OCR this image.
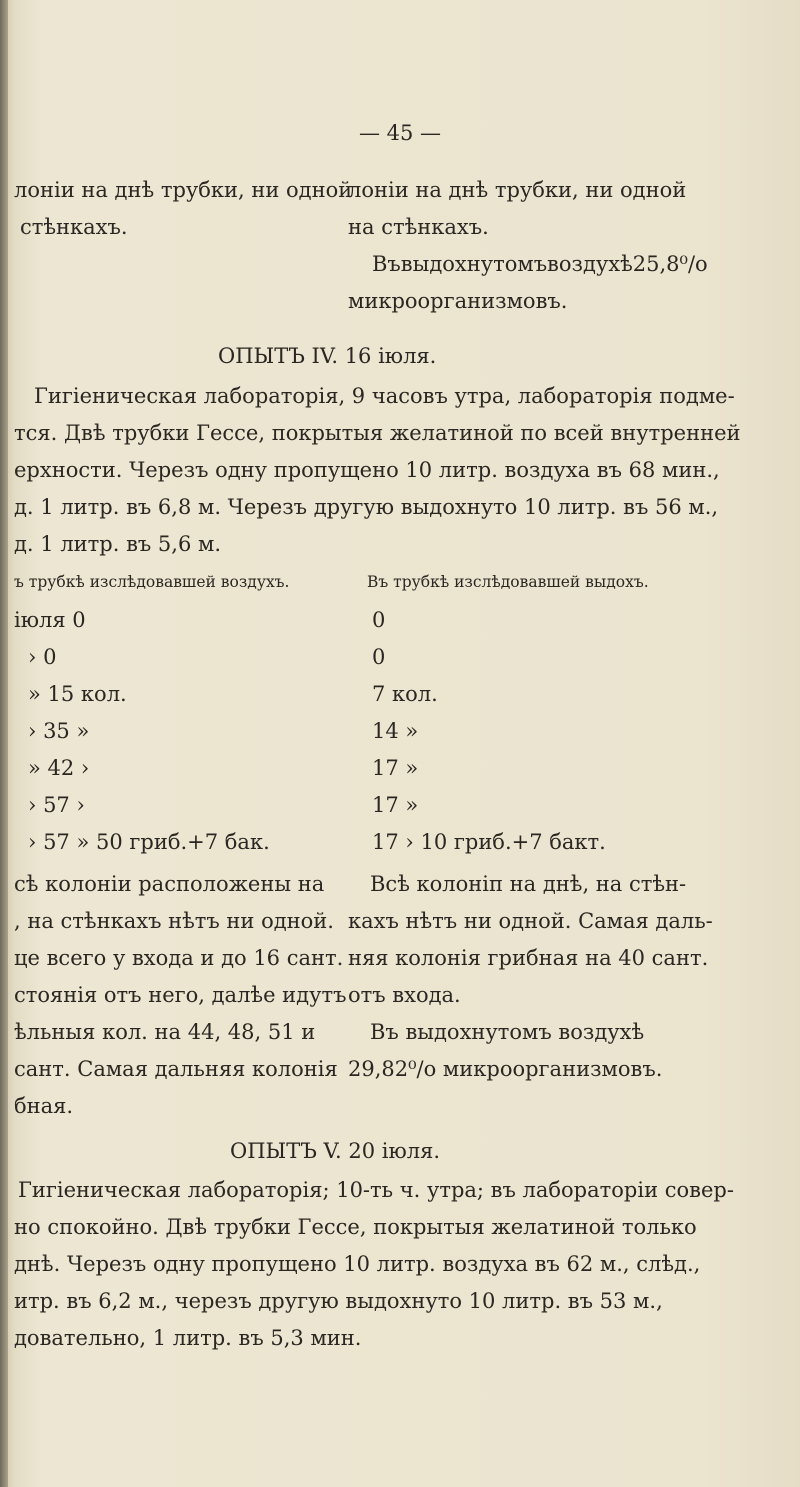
— 45 —
лоніи на днѣ трубки, ни одной
стѣнкахъ.
лоніи на днѣ трубки, ни одной
на стѣнкахъ.
Въвыдохнутомъвоздухѣ25,8⁰/о
микроорганизмовъ.
ОПЫТЪ IV. 16 іюля.
Гигіеническая лабораторія, 9 часовъ утра, лабораторія подме-
тся. Двѣ трубки Гессе, покрытыя желатиной по всей внутренней
ерхности. Черезъ одну пропущено 10 литр. воздуха въ 68 мин.,
д. 1 литр. въ 6,8 м. Черезъ другую выдохнуто 10 литр. въ 56 м.,
д. 1 литр. въ 5,6 м.
ъ трубкѣ изслѣдовавшей воздухъ.	Въ трубкѣ изслѣдовавшей выдохъ.
іюля 0
› 0
» 15 кол.
› 35 »
» 42 ›
› 57 ›
› 57 » 50 гриб.+7 бак.
0
0
7 кол.
14 »
17 »
17 »
17 › 10 гриб.+7 бакт.
сѣ колоніи расположены на
, на стѣнкахъ нѣтъ ни одной.
це всего у входа и до 16 сант.
стоянія отъ него, далѣе идутъ
ѣльныя кол. на 44, 48, 51 и
сант. Самая дальняя колонія
бная.
Всѣ колоніп на днѣ, на стѣн-
кахъ нѣтъ ни одной. Самая даль-
няя колонія грибная на 40 сант.
отъ входа.
Въ выдохнутомъ воздухѣ
29,82⁰/о микроорганизмовъ.
ОПЫТЪ V. 20 іюля.
Гигіеническая лабораторія; 10-ть ч. утра; въ лабораторіи совер-
но спокойно. Двѣ трубки Гессе, покрытыя желатиной только
днѣ. Черезъ одну пропущено 10 литр. воздуха въ 62 м., слѣд.,
итр. въ 6,2 м., черезъ другую выдохнуто 10 литр. въ 53 м.,
довательно, 1 литр. въ 5,3 мин.
